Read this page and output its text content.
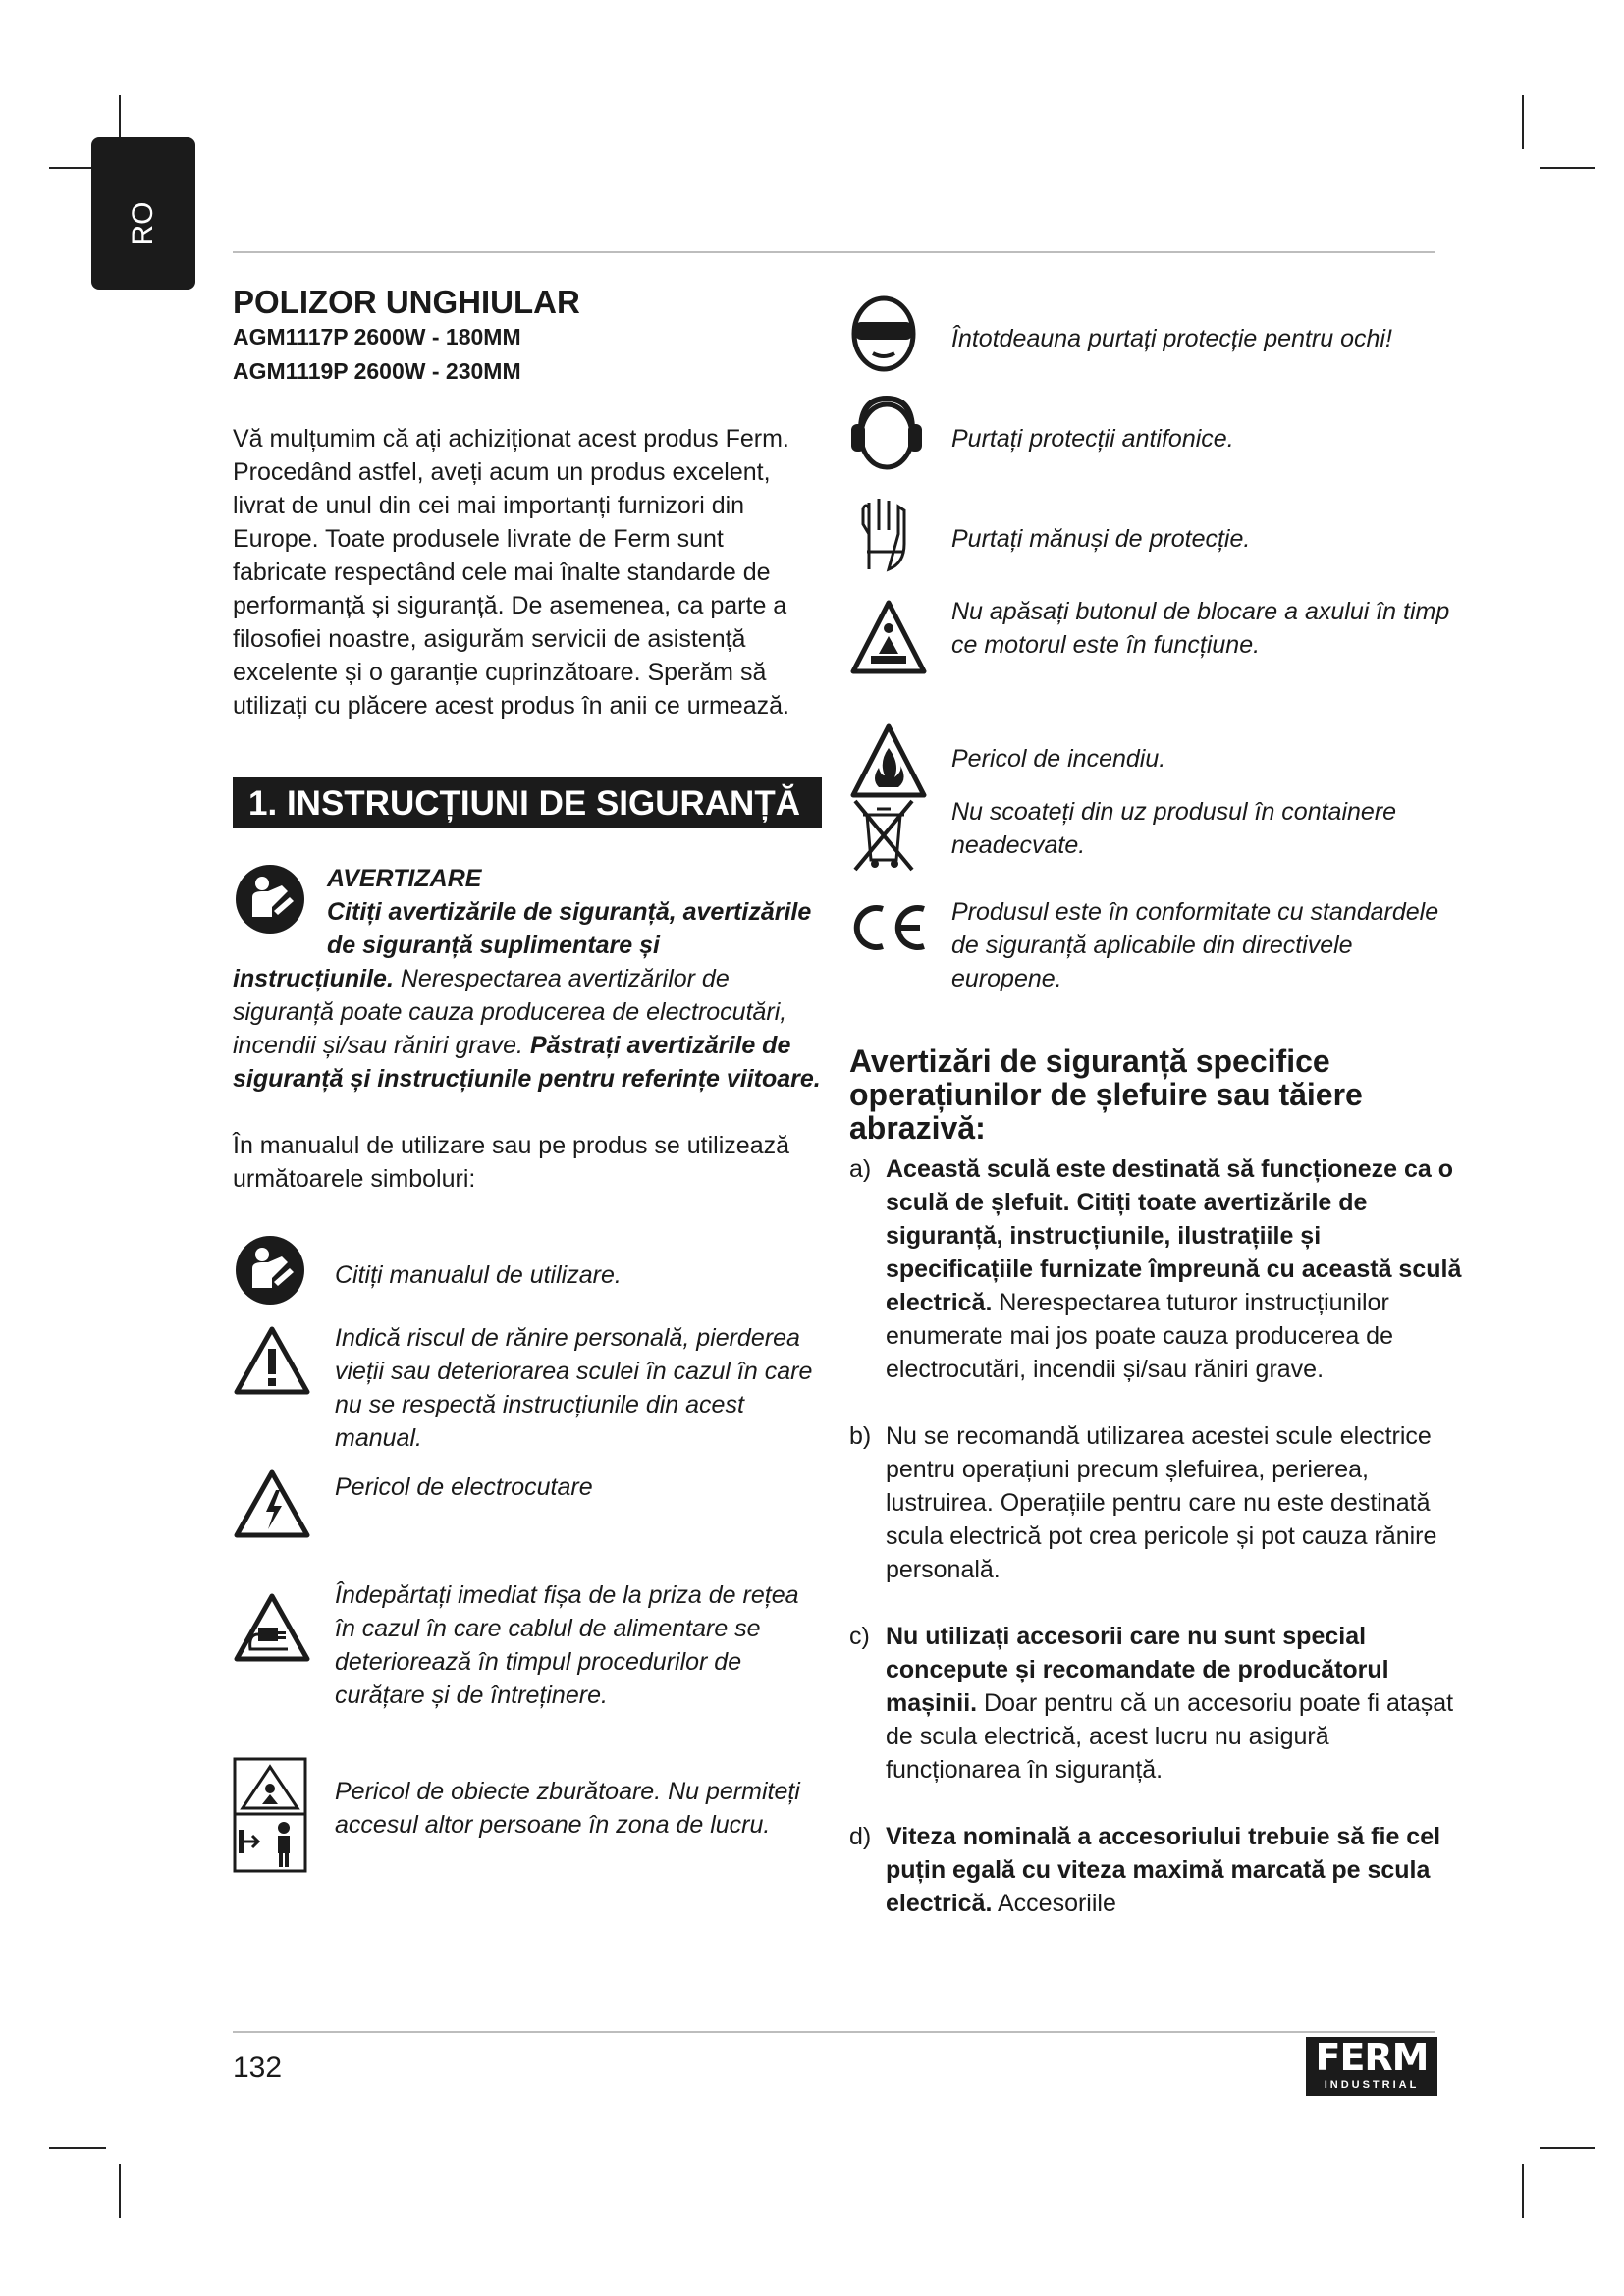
RO
POLIZOR UNGHIULAR
AGM1117P 2600W - 180MM
AGM1119P 2600W - 230MM

Vă mulțumim că ați achiziționat acest produs Ferm. Procedând astfel, aveți acum un produs excelent, livrat de unul din cei mai importanți furnizori din Europe. Toate produsele livrate de Ferm sunt fabricate respectând cele mai înalte standarde de performanță și siguranță. De asemenea, ca parte a filosofiei noastre, asigurăm servicii de asistență excelente și o garanție cuprinzătoare. Sperăm să utilizați cu plăcere acest produs în anii ce urmează.

1. INSTRUCȚIUNI DE SIGURANȚĂ
AVERTIZARE
Citiți avertizările de siguranță, avertizările de siguranță suplimentare și instrucțiunile. Nerespectarea avertizărilor de siguranță poate cauza producerea de electrocutări, incendii și/sau răniri grave. Păstrați avertizările de siguranță și instrucțiunile pentru referințe viitoare.

În manualul de utilizare sau pe produs se utilizează următoarele simboluri:

Citiți manualul de utilizare.
Indică riscul de rănire personală, pierderea vieții sau deteriorarea sculei în cazul în care nu se respectă instrucțiunile din acest manual.
Pericol de electrocutare
Îndepărtați imediat fișa de la priza de rețea în cazul în care cablul de alimentare se deteriorează în timpul procedurilor de curățare și de întreținere.
Pericol de obiecte zburătoare. Nu permiteți accesul altor persoane în zona de lucru.
Întotdeauna purtați protecție pentru ochi!
Purtați protecții antifonice.
Purtați mănuși de protecție.
Nu apăsați butonul de blocare a axului în timp ce motorul este în funcțiune.
Pericol de incendiu.
Nu scoateți din uz produsul în containere neadecvate.
Produsul este în conformitate cu standardele de siguranță aplicabile din directivele europene.
Avertizări de siguranță specifice operațiunilor de șlefuire sau tăiere abrazivă:
a) Această sculă este destinată să funcționeze ca o sculă de șlefuit. Citiți toate avertizările de siguranță, instrucțiunile, ilustrațiile și specificațiile furnizate împreună cu această sculă electrică. Nerespectarea tuturor instrucțiunilor enumerate mai jos poate cauza producerea de electrocutări, incendii și/sau răniri grave.
b) Nu se recomandă utilizarea acestei scule electrice pentru operațiuni precum șlefuirea, perierea, lustruirea. Operațiile pentru care nu este destinată scula electrică pot crea pericole și pot cauza rănire personală.
c) Nu utilizați accesorii care nu sunt special concepute și recomandate de producătorul mașinii. Doar pentru că un accesoriu poate fi atașat de scula electrică, acest lucru nu asigură funcționarea în siguranță.
d) Viteza nominală a accesoriului trebuie să fie cel puțin egală cu viteza maximă marcată pe scula electrică. Accesoriile
132	FERM
INDUSTRIAL
